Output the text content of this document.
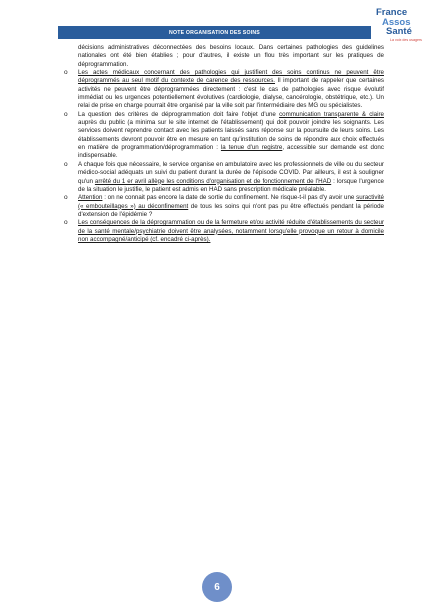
NOTE ORGANISATION DES SOINS
France
Assos
Santé
La voix des usagers

décisions administratives déconnectées des besoins locaux. Dans certaines pathologies des guidelines nationales ont été bien établies ; pour d'autres, il existe un flou très important sur les pratiques de déprogrammation.

o Les actes médicaux concernant des pathologies qui justifient des soins continus ne peuvent être déprogrammés au seul motif du contexte de carence des ressources. Il important de rappeler que certaines activités ne peuvent être déprogrammées directement : c'est le cas de pathologies avec risque évolutif immédiat ou les urgences potentiellement évolutives (cardiologie, dialyse, cancérologie, obstétrique, etc.). Un relai de prise en charge pourrait être organisé par la ville soit par l'intermédiaire des MG ou spécialistes.
o La question des critères de déprogrammation doit faire l'objet d'une communication transparente & claire auprès du public (a minima sur le site internet de l'établissement) qui doit pouvoir joindre les soignants. Les services doivent reprendre contact avec les patients laissés sans réponse sur la poursuite de leurs soins. Les établissements devront pouvoir être en mesure en tant qu'institution de soins de répondre aux choix effectués en matière de programmation/déprogrammation : la tenue d'un registre, accessible sur demande est donc indispensable.
o A chaque fois que nécessaire, le service organise en ambulatoire avec les professionnels de ville ou du secteur médico-social adéquats un suivi du patient durant la durée de l'épisode COVID. Par ailleurs, il est à souligner qu'un arrêté du 1 er avril allège les conditions d'organisation et de fonctionnement de l'HAD : lorsque l'urgence de la situation le justifie, le patient est admis en HAD sans prescription médicale préalable.
o Attention : on ne connait pas encore la date de sortie du confinement. Ne risque-t-il pas d'y avoir une suractivité (« embouteillages ») au déconfinement de tous les soins qui n'ont pas pu être effectués pendant la période d'extension de l'épidémie ?
o Les conséquences de la déprogrammation ou de la fermeture et/ou activité réduite d'établissements du secteur de la santé mentale/psychiatrie doivent être analysées, notamment lorsqu'elle provoque un retour à domicile non accompagné/anticipé (cf. encadré ci-après).
6
